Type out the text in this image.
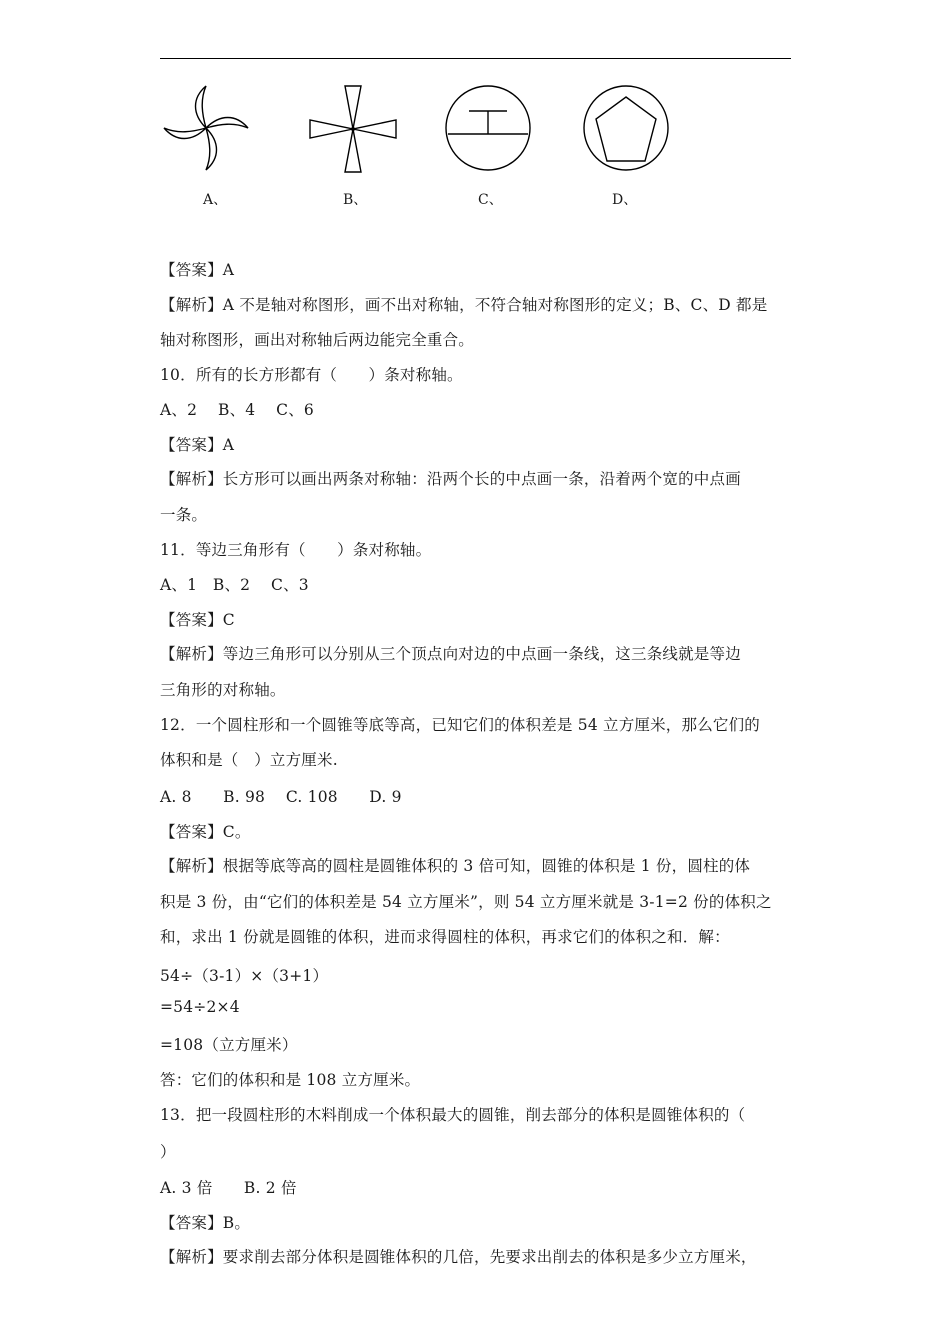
A、	B、	C、	D、
【答案】A
【解析】A 不是轴对称图形，画不出对称轴，不符合轴对称图形的定义；B、C、D 都是
轴对称图形，画出对称轴后两边能完全重合。
10．所有的长方形都有（　　）条对称轴。
A、2　 B、4　 C、6
【答案】A
【解析】长方形可以画出两条对称轴：沿两个长的中点画一条，沿着两个宽的中点画
一条。
11．等边三角形有（　　）条对称轴。
A、1　B、2　 C、3
【答案】C
【解析】等边三角形可以分别从三个顶点向对边的中点画一条线，这三条线就是等边
三角形的对称轴。
12．一个圆柱形和一个圆锥等底等高，已知它们的体积差是 54 立方厘米，那么它们的
体积和是（　）立方厘米.
A. 8　　B. 98　 C. 108　　D. 9
【答案】C。
【解析】根据等底等高的圆柱是圆锥体积的 3 倍可知，圆锥的体积是 1 份，圆柱的体
积是 3 份，由“它们的体积差是 54 立方厘米”，则 54 立方厘米就是 3-1=2 份的体积之
和，求出 1 份就是圆锥的体积，进而求得圆柱的体积，再求它们的体积之和．解：
54÷（3-1）×（3+1）
=54÷2×4
=108（立方厘米）
答：它们的体积和是 108 立方厘米。
13．把一段圆柱形的木料削成一个体积最大的圆锥，削去部分的体积是圆锥体积的（
）
A. 3 倍　　B. 2 倍
【答案】B。
【解析】要求削去部分体积是圆锥体积的几倍，先要求出削去的体积是多少立方厘米，
